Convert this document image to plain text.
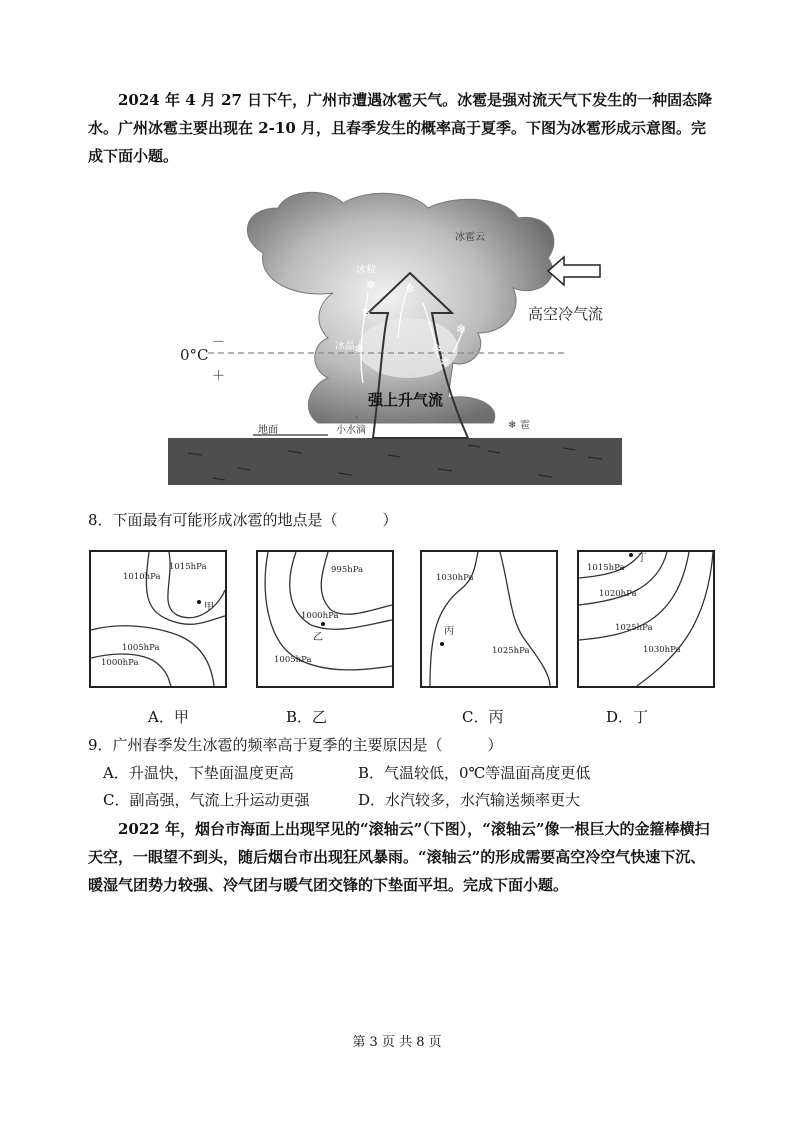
2024 年 4 月 27 日下午，广州市遭遇冰雹天气。冰雹是强对流天气下发生的一种固态降水。广州冰雹主要出现在 2-10 月，且春季发生的概率高于夏季。下图为冰雹形成示意图。完成下面小题。

地面
0°C
－
＋
强上升气流
❄
❄
❄
❄
❄
❄
❄
冰粒
冰晶
冰雹云
高空冷气流
小水滴
◦
❄ 雹

8．下面最有可能形成冰雹的地点是（　　　）

1015hPa
1010hPa
1005hPa
1000hPa
甲
995hPa
1000hPa
1005hPa
乙
1030hPa
1025hPa
丙
1015hPa
1020hPa
1025hPa
1030hPa
丁
A．甲	B．乙	C．丙	D．丁

9．广州春季发生冰雹的频率高于夏季的主要原因是（　　　）

A．升温快，下垫面温度更高	B．气温较低，0℃等温面高度更低
C．副高强，气流上升运动更强	D．水汽较多，水汽输送频率更大

2022 年，烟台市海面上出现罕见的“滚轴云”（下图），“滚轴云”像一根巨大的金箍棒横扫天空，一眼望不到头，随后烟台市出现狂风暴雨。“滚轴云”的形成需要高空冷空气快速下沉、暖湿气团势力较强、冷气团与暖气团交锋的下垫面平坦。完成下面小题。

第 3 页 共 8 页
